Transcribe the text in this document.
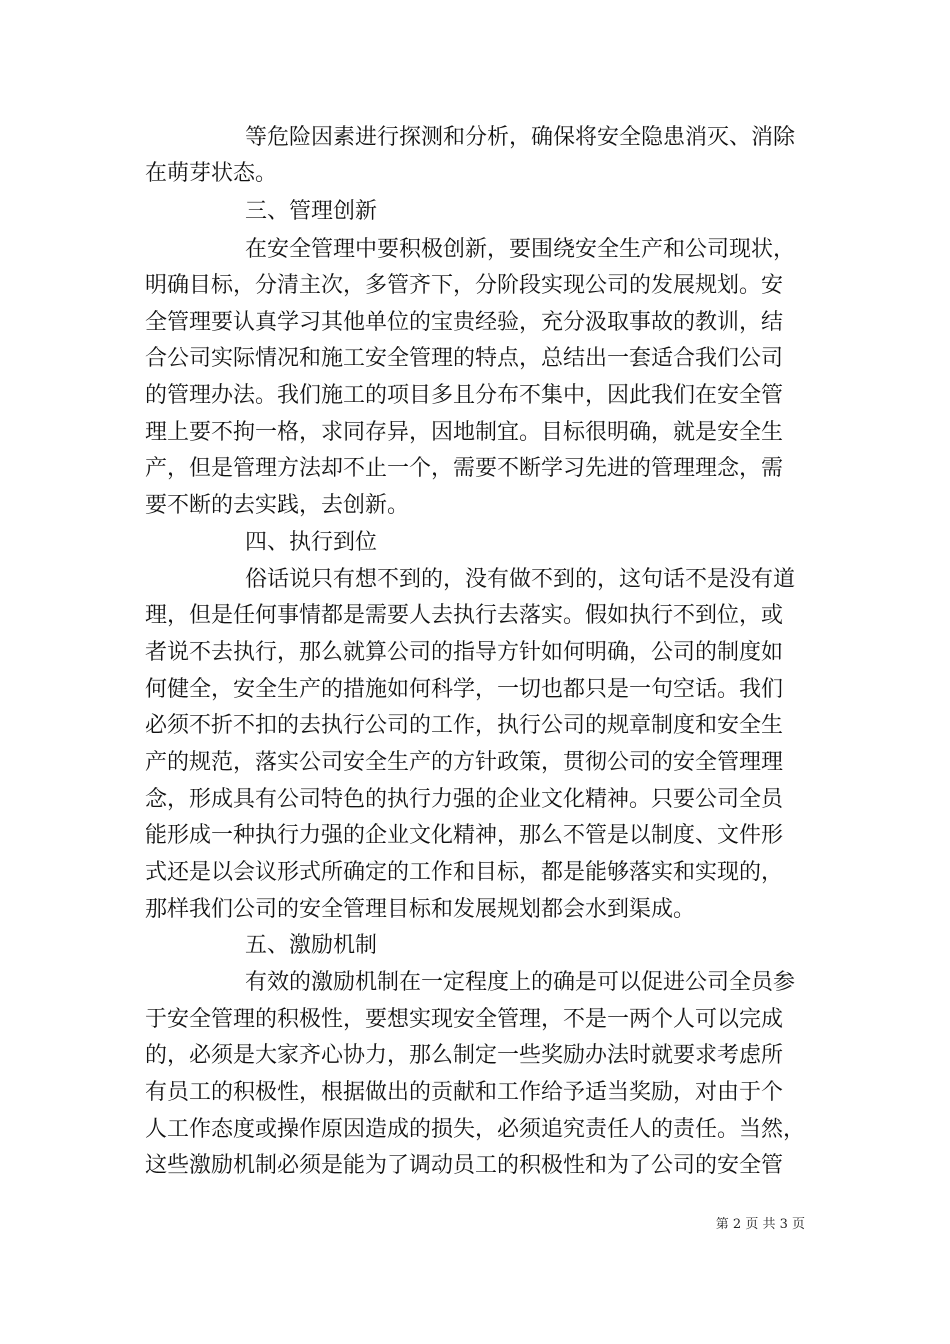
等危险因素进行探测和分析，确保将安全隐患消灭、消除
在萌芽状态。
三、管理创新
在安全管理中要积极创新，要围绕安全生产和公司现状，
明确目标，分清主次，多管齐下，分阶段实现公司的发展规划。安
全管理要认真学习其他单位的宝贵经验，充分汲取事故的教训，结
合公司实际情况和施工安全管理的特点，总结出一套适合我们公司
的管理办法。我们施工的项目多且分布不集中，因此我们在安全管
理上要不拘一格，求同存异，因地制宜。目标很明确，就是安全生
产，但是管理方法却不止一个，需要不断学习先进的管理理念，需
要不断的去实践，去创新。
四、执行到位
俗话说只有想不到的，没有做不到的，这句话不是没有道
理，但是任何事情都是需要人去执行去落实。假如执行不到位，或
者说不去执行，那么就算公司的指导方针如何明确，公司的制度如
何健全，安全生产的措施如何科学，一切也都只是一句空话。我们
必须不折不扣的去执行公司的工作，执行公司的规章制度和安全生
产的规范，落实公司安全生产的方针政策，贯彻公司的安全管理理
念，形成具有公司特色的执行力强的企业文化精神。只要公司全员
能形成一种执行力强的企业文化精神，那么不管是以制度、文件形
式还是以会议形式所确定的工作和目标，都是能够落实和实现的，
那样我们公司的安全管理目标和发展规划都会水到渠成。
五、激励机制
有效的激励机制在一定程度上的确是可以促进公司全员参
于安全管理的积极性，要想实现安全管理，不是一两个人可以完成
的，必须是大家齐心协力，那么制定一些奖励办法时就要求考虑所
有员工的积极性，根据做出的贡献和工作给予适当奖励，对由于个
人工作态度或操作原因造成的损失，必须追究责任人的责任。当然，
这些激励机制必须是能为了调动员工的积极性和为了公司的安全管
第 2 页 共 3 页
